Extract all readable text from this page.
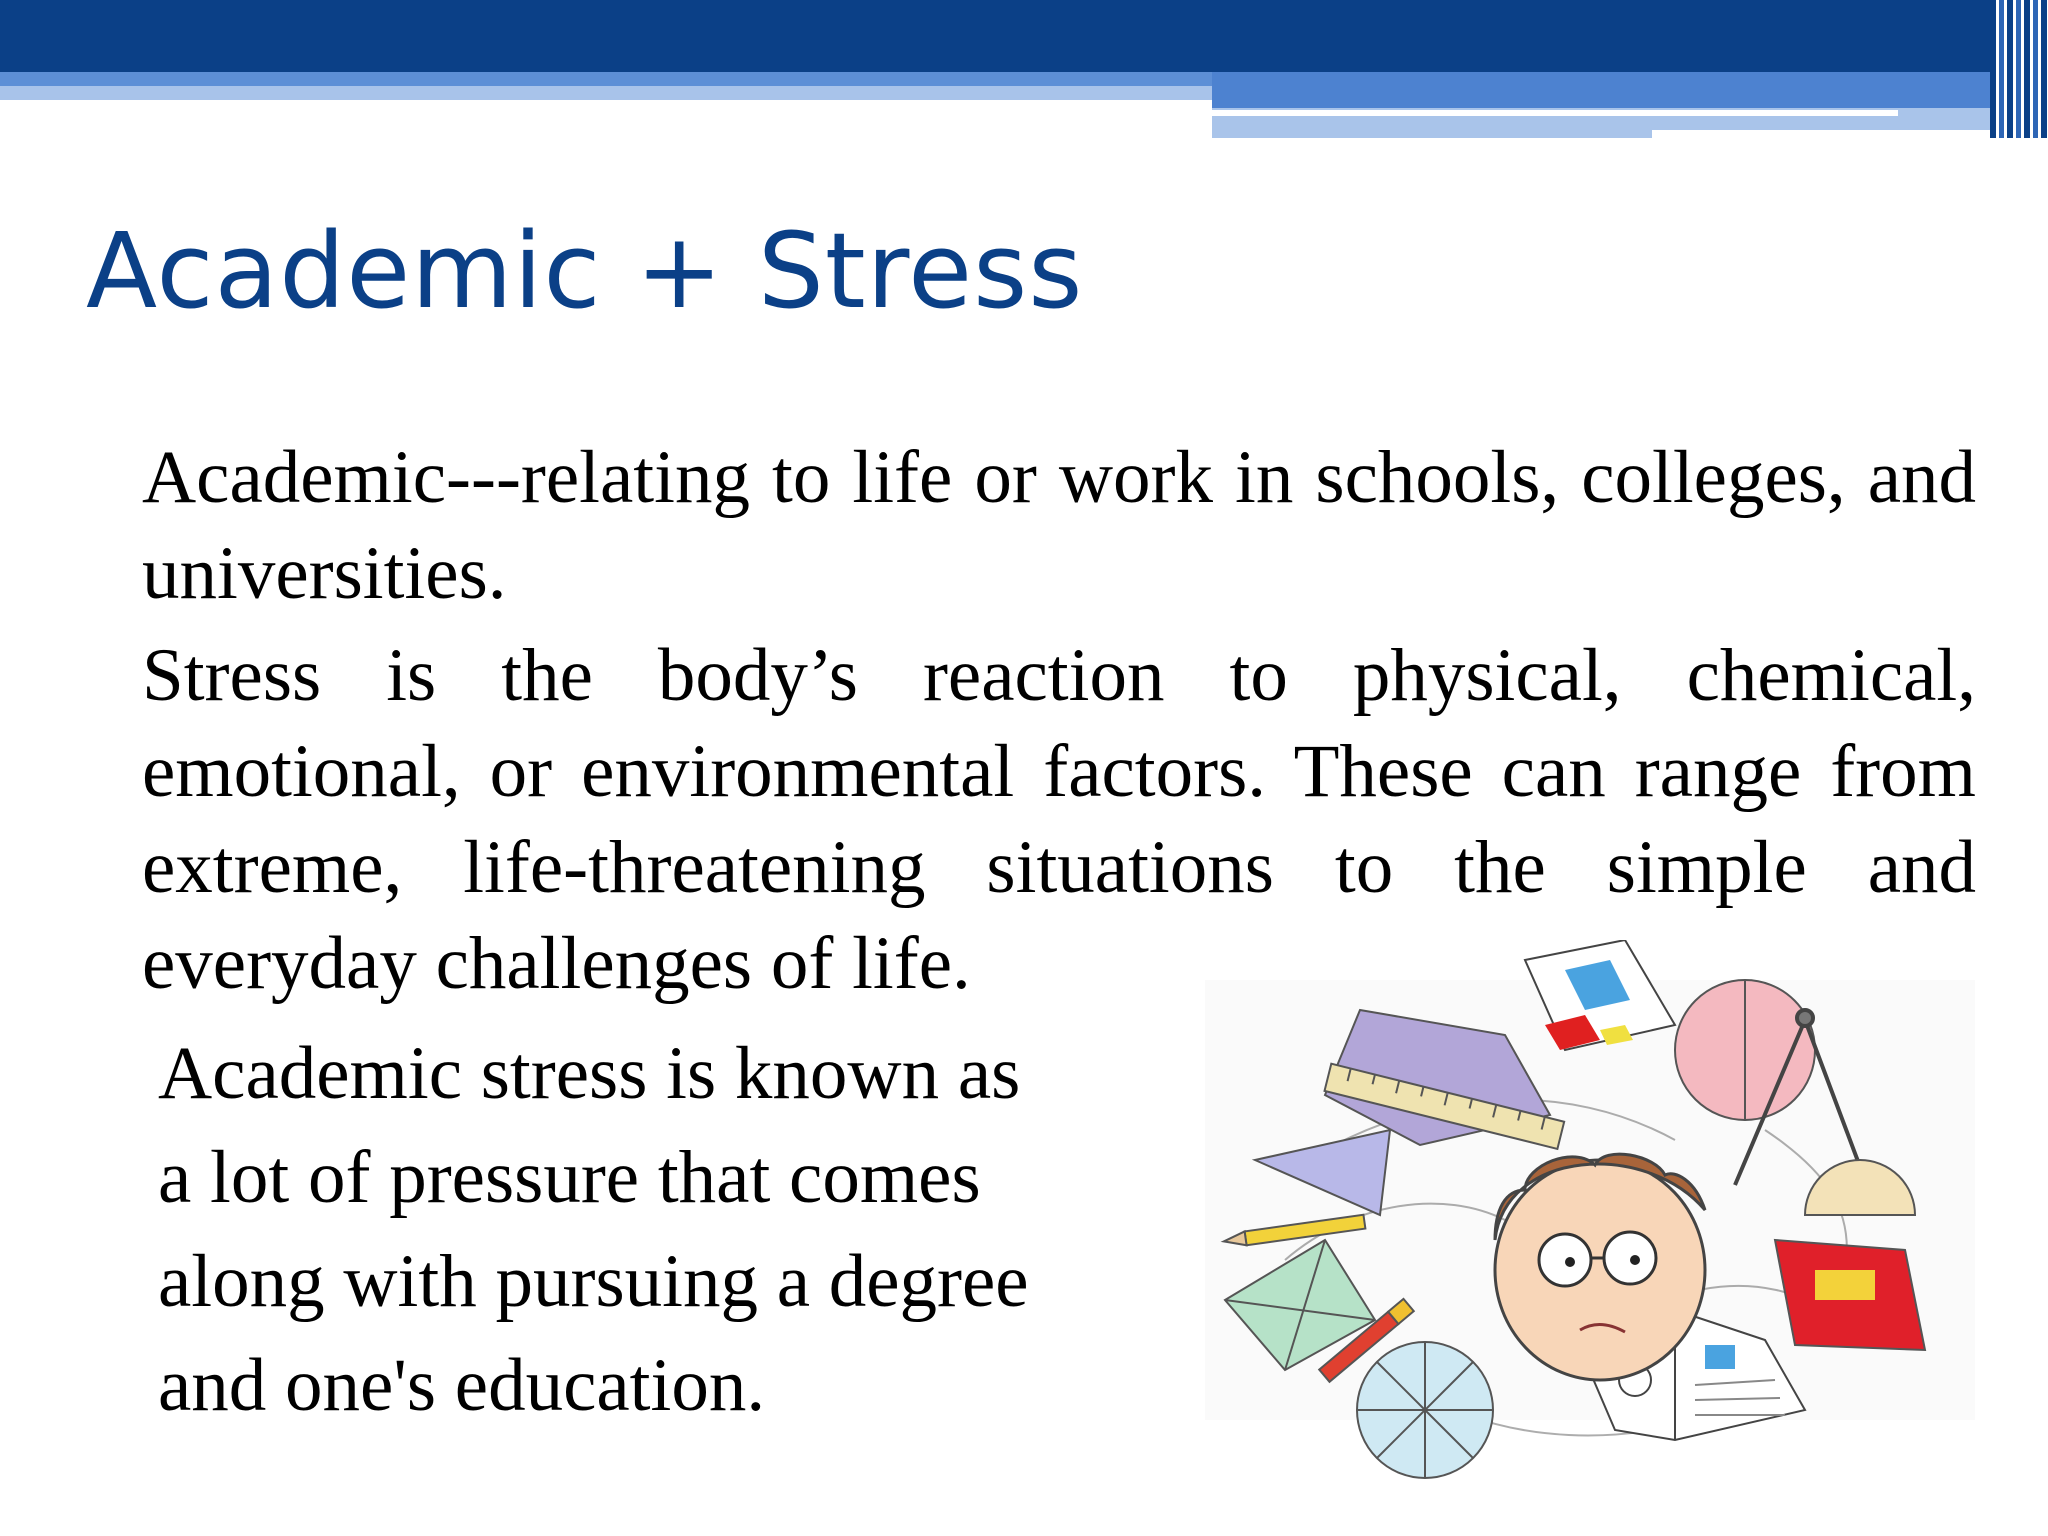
Academic + Stress

Academic---relating to life or work in schools, colleges, and universities.

Stress is the body’s reaction to physical, chemical, emotional, or environmental factors. These can range from extreme, life-threatening situations to the simple and everyday challenges of life.

Academic stress is known as
a lot of pressure that comes
along with pursuing a degree
and one's education.
